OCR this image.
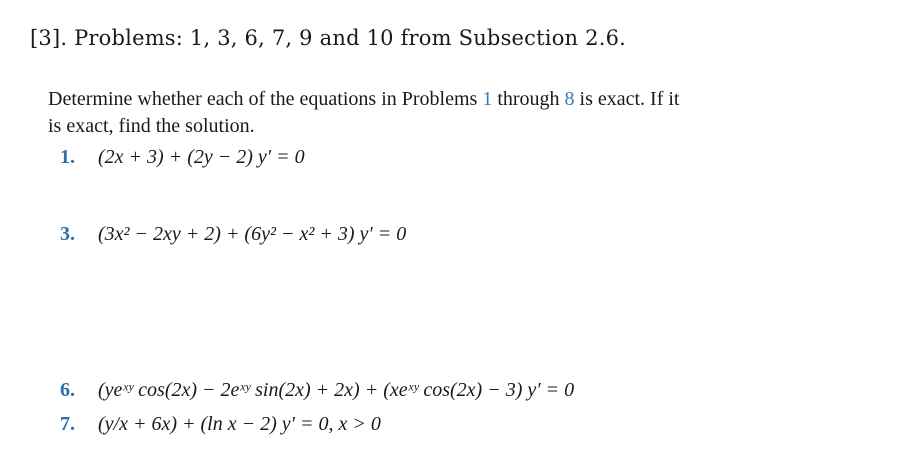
[3]. Problems: 1, 3, 6, 7, 9 and 10 from Subsection 2.6.
Determine whether each of the equations in Problems 1 through 8 is exact. If it is exact, find the solution.
1. (2x + 3) + (2y − 2) y′ = 0
3. (3x² − 2xy + 2) + (6y² − x² + 3) y′ = 0
6. (yeˣʸ cos(2x) − 2eˣʸ sin(2x) + 2x) + (xeˣʸ cos(2x) − 3) y′ = 0
7. (y/x + 6x) + (ln x − 2) y′ = 0, x > 0
